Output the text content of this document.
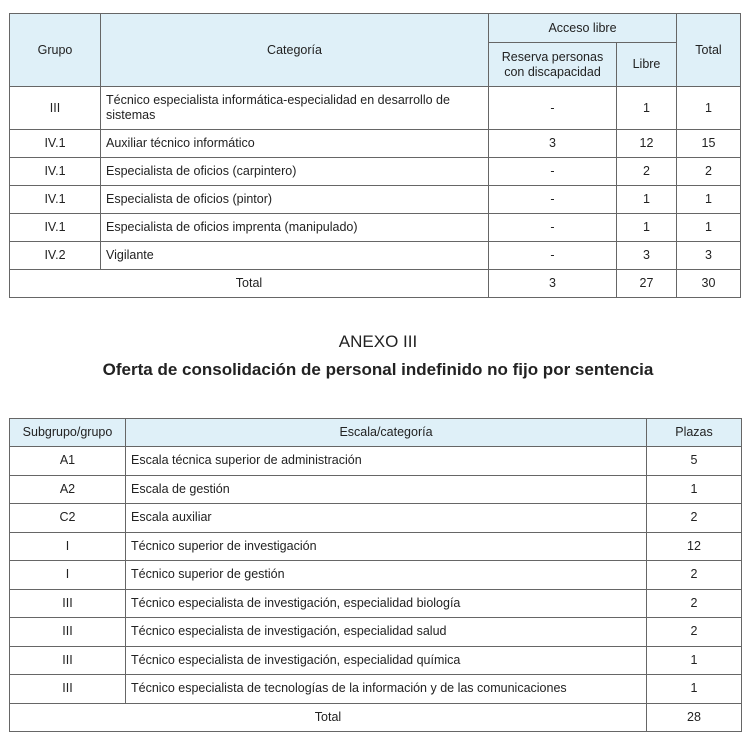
Grupo	Categoría	Acceso libre		Total
		Reserva personas con discapacidad	Libre	
III	Técnico especialista informática-especialidad en desarrollo de sistemas	-	1	1
IV.1	Auxiliar técnico informático	3	12	15
IV.1	Especialista de oficios (carpintero)	-	2	2
IV.1	Especialista de oficios (pintor)	-	1	1
IV.1	Especialista de oficios imprenta (manipulado)	-	1	1
IV.2	Vigilante	-	3	3
Total		3	27	30
ANEXO III
Oferta de consolidación de personal indefinido no fijo por sentencia
Subgrupo/grupo	Escala/categoría	Plazas
A1	Escala técnica superior de administración	5
A2	Escala de gestión	1
C2	Escala auxiliar	2
I	Técnico superior de investigación	12
I	Técnico superior de gestión	2
III	Técnico especialista de investigación, especialidad biología	2
III	Técnico especialista de investigación, especialidad salud	2
III	Técnico especialista de investigación, especialidad química	1
III	Técnico especialista de tecnologías de la información y de las comunicaciones	1
Total		28
